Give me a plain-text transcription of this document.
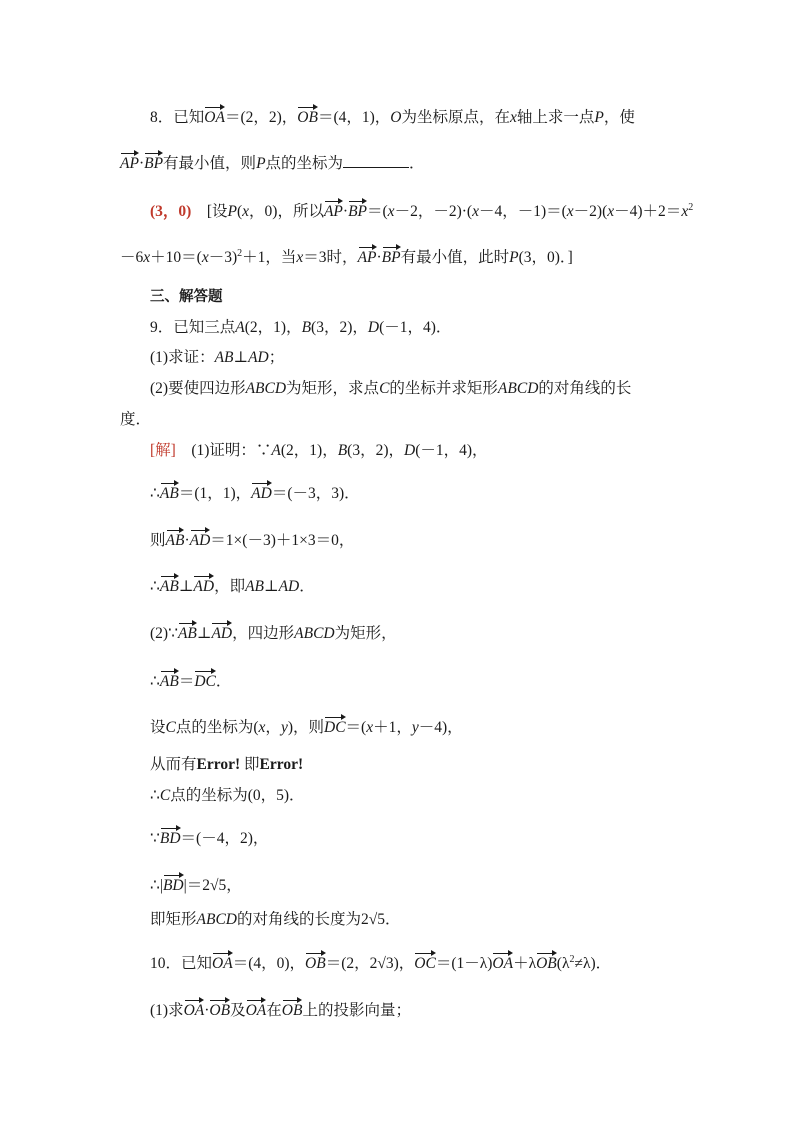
8．已知OA＝(2，2)，OB＝(4，1)，O为坐标原点，在x轴上求一点P，使
AP·BP有最小值，则P点的坐标为	．
(3，0)　[设P(x，0)，所以AP·BP＝(x－2，－2)·(x－4，$-1)=(x-2)(x-4)+2=x^2$
$-6x+10=(x-3)^2+1$，当x＝3时，AP·BP有最小值，此时P(3，0)．]
三、解答题
9．已知三点A(2，1)，B(3，2)，D(－1，4)．
(1)求证：AB⊥AD；
(2)要使四边形ABCD为矩形，求点C的坐标并求矩形ABCD的对角线的长
度．
[解]　(1)证明：∵A(2，1)，B(3，2)，D(－1，4)，
∴AB＝(1，1)，AD＝(－3，3)．
则AB·AD＝1×(－3)＋1×3＝0，
∴AB⊥AD，即AB⊥AD．
(2)∵AB⊥AD，四边形ABCD为矩形，
∴AB＝DC．
设C点的坐标为(x，y)，则DC＝(x＋1，y－4)，
从而有Error! 即Error!
∴C点的坐标为(0，5)．
∵BD＝(－4，2)，
∴|BD|＝2√5，
即矩形ABCD的对角线的长度为2√5．
10．已知OA＝(4，0)，OB＝(2，2√3)，$OC=(1-\lambda)OA+\lambda OB(\lambda^2\ne\lambda)$．
(1)求OA·OB及OA在OB上的投影向量；
